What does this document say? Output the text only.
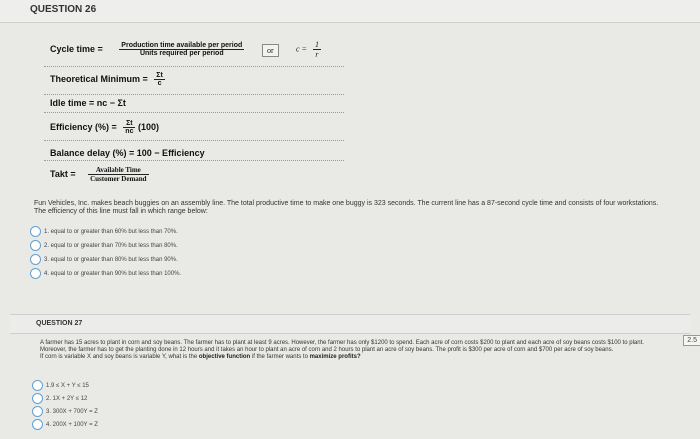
QUESTION 26
Cycle time = $\frac{\text{Production time available per period}}{\text{Units required per period}}$
Theoretical Minimum = $\frac{\Sigma t}{c}$
Idle time = nc − Σt
Efficiency (%) = $\frac{\Sigma t}{nc} (100)$
Balance delay (%) = 100 − Efficiency
Takt = $\frac{\text{Available Time}}{\text{Customer Demand}}$
or	$c = \frac{1}{r}$
Fun Vehicles, Inc. makes beach buggies on an assembly line. The total productive time to make one buggy is 323 seconds. The current line has a 87-second cycle time and consists of four workstations. The efficiency of this line must fall in which range below:
1. equal to or greater than 60% but less than 70%.
2. equal to or greater than 70% but less than 80%.
3. equal to or greater than 80% but less than 90%.
4. equal to or greater than 90% but less than 100%.
QUESTION 27
2.5
A farmer has 15 acres to plant in corn and soy beans. The farmer has to plant at least 9 acres. However, the farmer has only $1200 to spend. Each acre of corn costs $200 to plant and each acre of soy beans costs $100 to plant. Moreover, the farmer has to get the planting done in 12 hours and it takes an hour to plant an acre of corn and 2 hours to plant an acre of soy beans. The profit is $300 per acre of corn and $700 per acre of soy beans.
If corn is variable X and soy beans is variable Y, what is the objective function if the farmer wants to maximize profits?
1.9 ≤ X + Y ≤ 15
2. 1X + 2Y ≤ 12
3. 300X + 700Y = Z
4. 200X + 100Y = Z
